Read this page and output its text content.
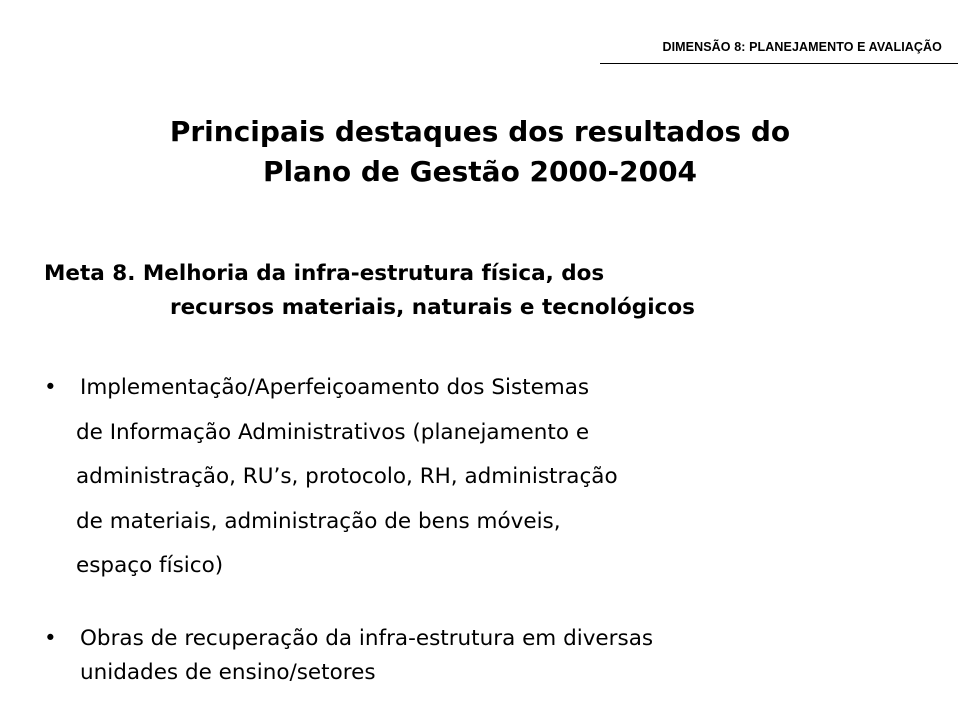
DIMENSÃO 8: PLANEJAMENTO E AVALIAÇÃO
Principais destaques dos resultados do
Plano de Gestão 2000-2004
Meta 8. Melhoria da infra-estrutura física, dos
recursos materiais, naturais e tecnológicos
•	Implementação/Aperfeiçoamento dos Sistemas
de Informação Administrativos (planejamento e
administração, RU’s, protocolo, RH, administração
de materiais, administração de bens móveis,
espaço físico)
•	Obras de recuperação da infra-estrutura em diversas
unidades de ensino/setores
